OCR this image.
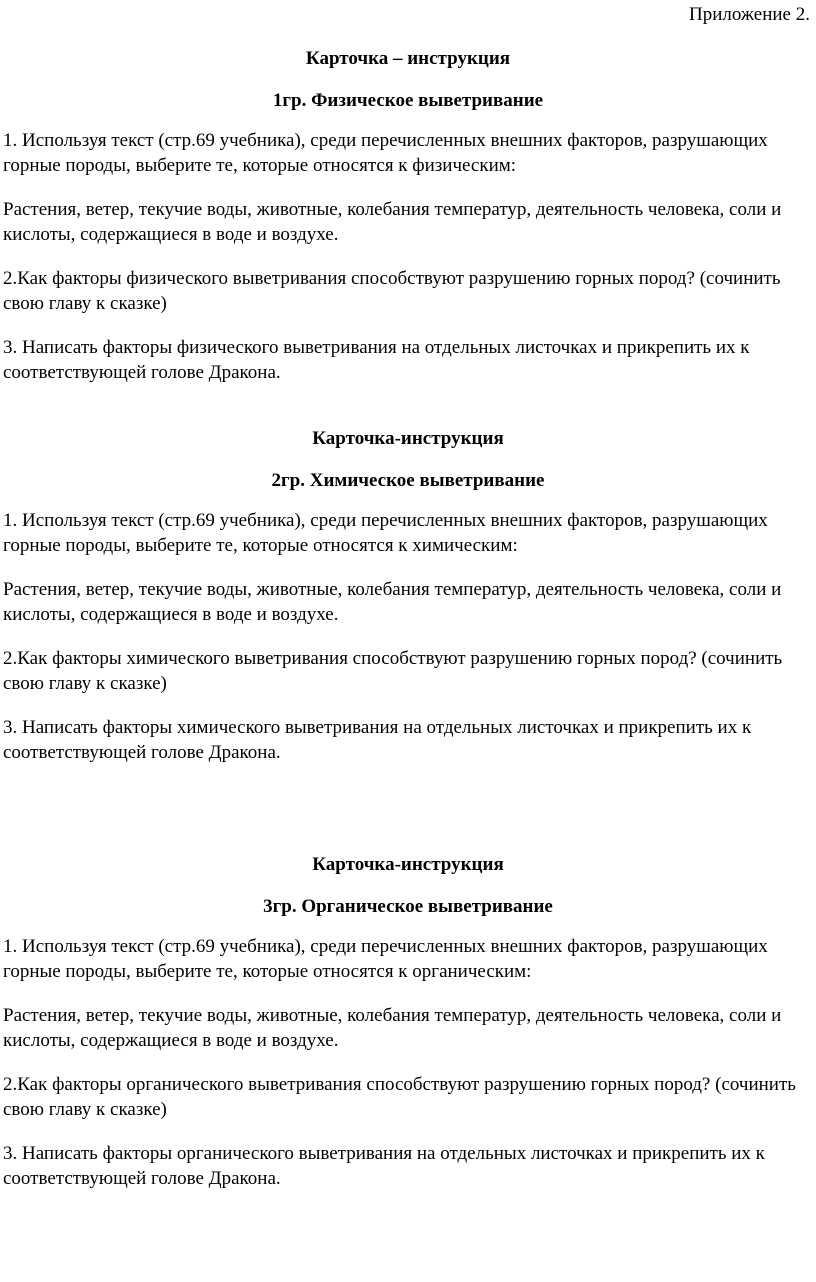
Приложение 2.

Карточка – инструкция

1гр. Физическое выветривание

1. Используя текст (стр.69 учебника), среди перечисленных внешних факторов, разрушающих горные породы, выберите те, которые относятся к физическим:

Растения, ветер, текучие воды, животные, колебания температур, деятельность человека, соли и кислоты, содержащиеся в воде и воздухе.

2.Как факторы физического выветривания способствуют разрушению горных пород? (сочинить свою главу к сказке)

3. Написать факторы физического выветривания на отдельных листочках и прикрепить их к соответствующей голове Дракона.

Карточка-инструкция

2гр. Химическое выветривание

1. Используя текст (стр.69 учебника), среди перечисленных внешних факторов, разрушающих горные породы, выберите те, которые относятся к химическим:

Растения, ветер, текучие воды, животные, колебания температур, деятельность человека, соли и кислоты, содержащиеся в воде и воздухе.

2.Как факторы химического выветривания способствуют разрушению горных пород? (сочинить свою главу к сказке)

3. Написать факторы химического выветривания на отдельных листочках и прикрепить их к соответствующей голове Дракона.

Карточка-инструкция

3гр. Органическое выветривание

1. Используя текст (стр.69 учебника), среди перечисленных внешних факторов, разрушающих горные породы, выберите те, которые относятся к органическим:

Растения, ветер, текучие воды, животные, колебания температур, деятельность человека, соли и кислоты, содержащиеся в воде и воздухе.

2.Как факторы органического выветривания способствуют разрушению горных пород? (сочинить свою главу к сказке)

3. Написать факторы органического выветривания на отдельных листочках и прикрепить их к соответствующей голове Дракона.
